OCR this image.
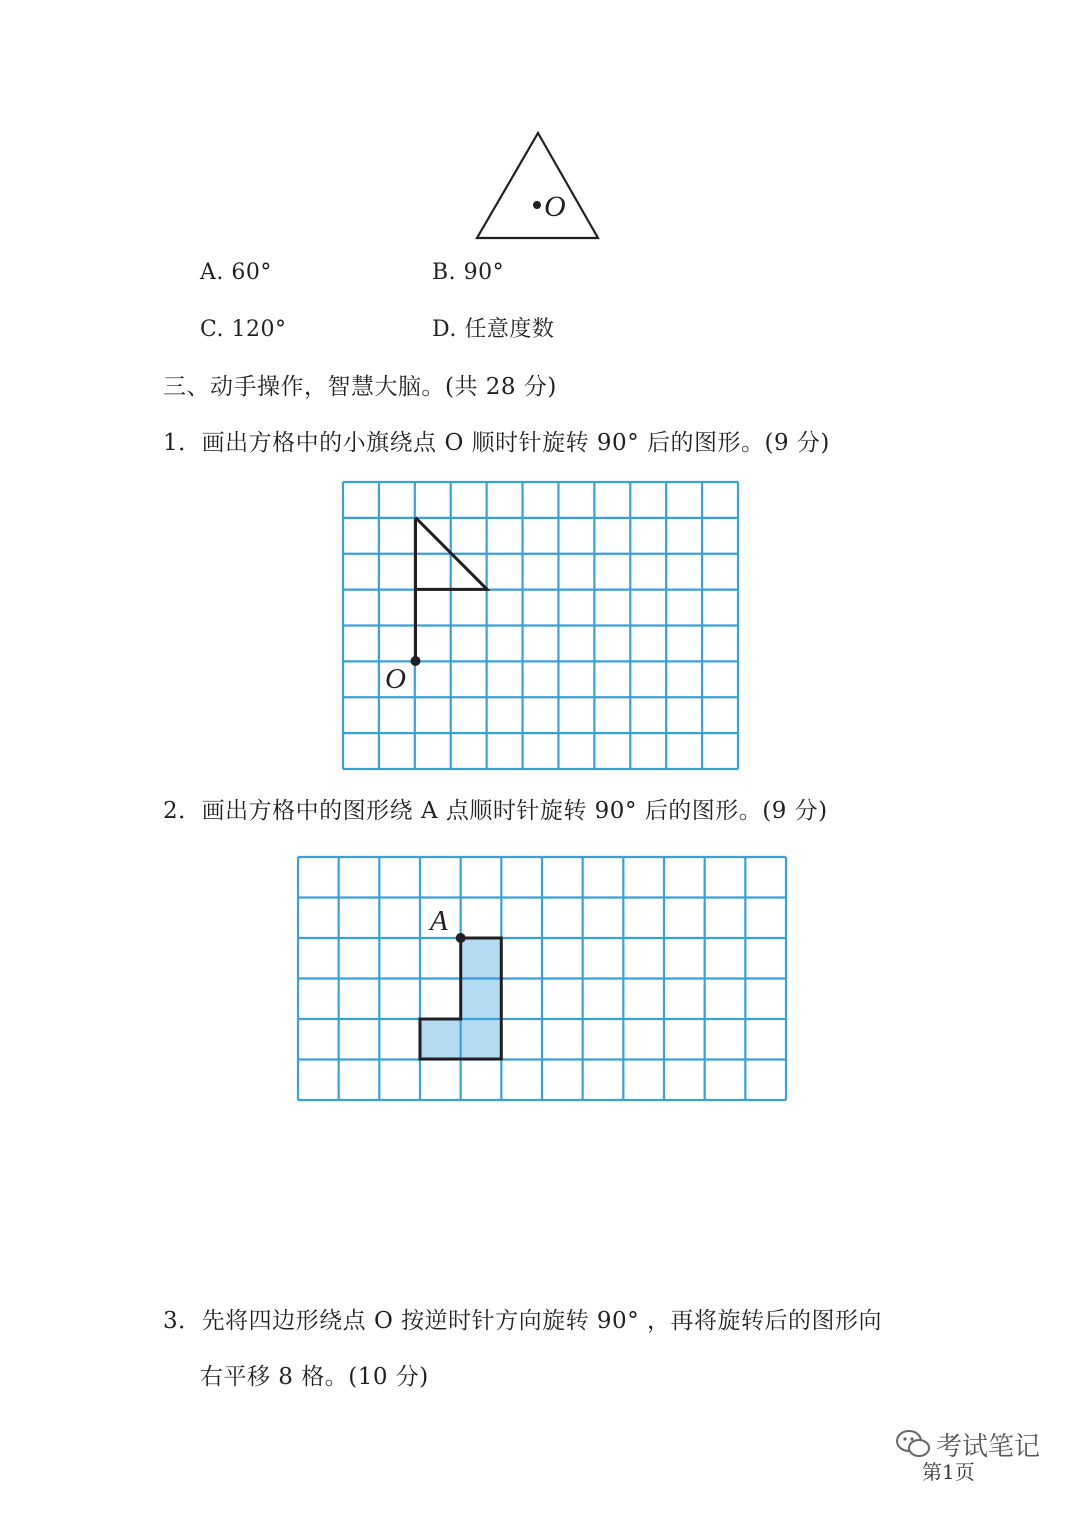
O
A. 60°	B. 90°
C. 120°	D. 任意度数
三、动手操作，智慧大脑。(共 28 分)
1．画出方格中的小旗绕点 O 顺时针旋转 90° 后的图形。(9 分)
O
2．画出方格中的图形绕 A 点顺时针旋转 90° 后的图形。(9 分)
A
3．先将四边形绕点 O 按逆时针方向旋转 90° ，再将旋转后的图形向
右平移 8 格。(10 分)
考试笔记
第1页
